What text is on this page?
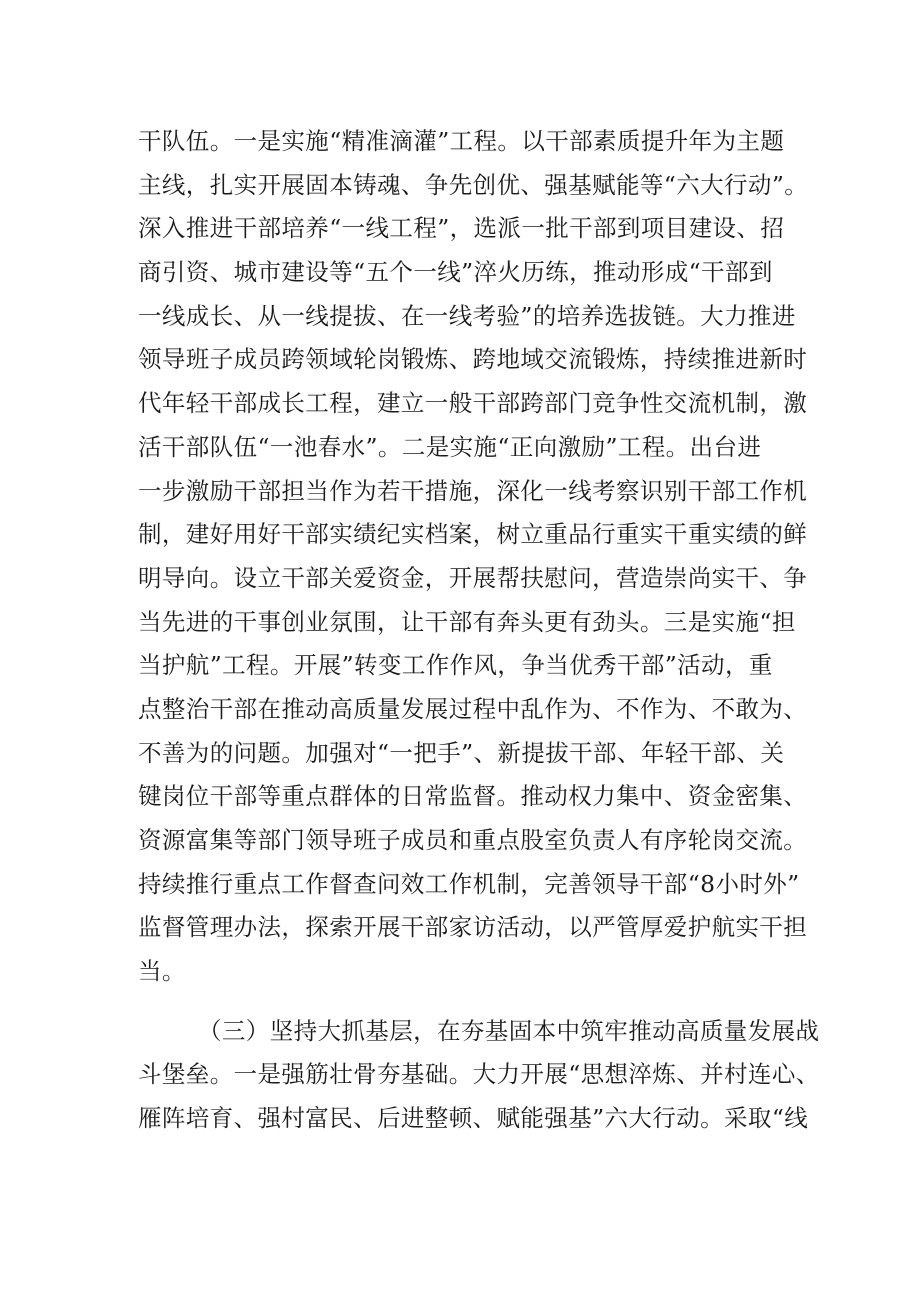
干队伍。一是实施“精准滴灌”工程。以干部素质提升年为主题
主线，扎实开展固本铸魂、争先创优、强基赋能等“六大行动”。
深入推进干部培养“一线工程”，选派一批干部到项目建设、招
商引资、城市建设等“五个一线”淬火历练，推动形成“干部到
一线成长、从一线提拔、在一线考验”的培养选拔链。大力推进
领导班子成员跨领域轮岗锻炼、跨地域交流锻炼，持续推进新时
代年轻干部成长工程，建立一般干部跨部门竞争性交流机制，激
活干部队伍“一池春水”。二是实施“正向激励”工程。出台进
一步激励干部担当作为若干措施，深化一线考察识别干部工作机
制，建好用好干部实绩纪实档案，树立重品行重实干重实绩的鲜
明导向。设立干部关爱资金，开展帮扶慰问，营造崇尚实干、争
当先进的干事创业氛围，让干部有奔头更有劲头。三是实施“担
当护航”工程。开展”转变工作作风，争当优秀干部”活动，重
点整治干部在推动高质量发展过程中乱作为、不作为、不敢为、
不善为的问题。加强对“一把手”、新提拔干部、年轻干部、关
键岗位干部等重点群体的日常监督。推动权力集中、资金密集、
资源富集等部门领导班子成员和重点股室负责人有序轮岗交流。
持续推行重点工作督查问效工作机制，完善领导干部“8小时外”
监督管理办法，探索开展干部家访活动，以严管厚爱护航实干担
当。
（三）坚持大抓基层，在夯基固本中筑牢推动高质量发展战
斗堡垒。一是强筋壮骨夯基础。大力开展“思想淬炼、并村连心、
雁阵培育、强村富民、后进整顿、赋能强基”六大行动。采取“线
